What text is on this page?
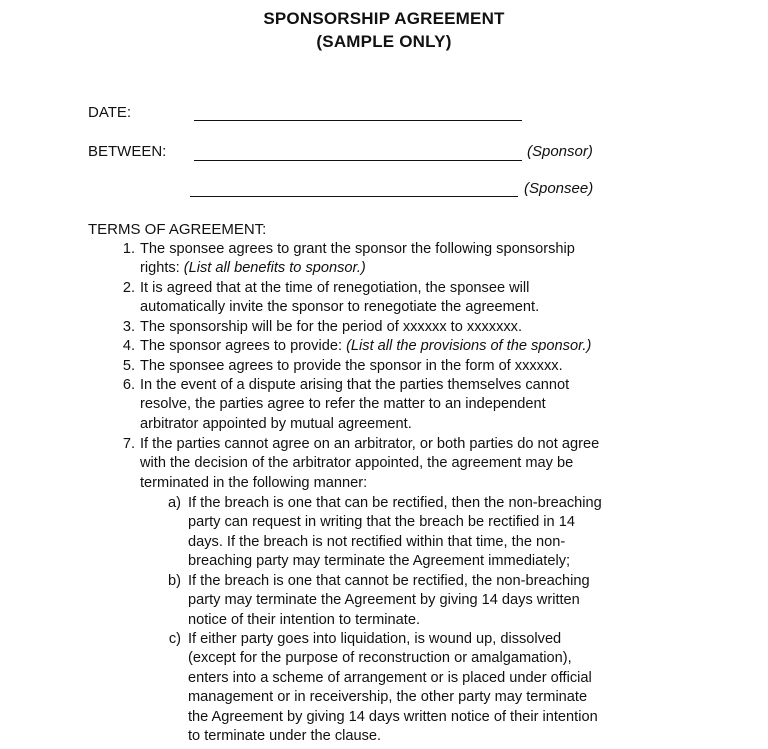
SPONSORSHIP AGREEMENT
(SAMPLE ONLY)
DATE:
BETWEEN:	(Sponsor)
(Sponsee)
TERMS OF AGREEMENT:
1. The sponsee agrees to grant the sponsor the following sponsorship
rights: (List all benefits to sponsor.)
2. It is agreed that at the time of renegotiation, the sponsee will
automatically invite the sponsor to renegotiate the agreement.
3. The sponsorship will be for the period of xxxxxx to xxxxxxx.
4. The sponsor agrees to provide: (List all the provisions of the sponsor.)
5. The sponsee agrees to provide the sponsor in the form of xxxxxx.
6. In the event of a dispute arising that the parties themselves cannot
resolve, the parties agree to refer the matter to an independent
arbitrator appointed by mutual agreement.
7. If the parties cannot agree on an arbitrator, or both parties do not agree
with the decision of the arbitrator appointed, the agreement may be
terminated in the following manner:
a) If the breach is one that can be rectified, then the non-breaching
party can request in writing that the breach be rectified in 14
days. If the breach is not rectified within that time, the non-
breaching party may terminate the Agreement immediately;
b) If the breach is one that cannot be rectified, the non-breaching
party may terminate the Agreement by giving 14 days written
notice of their intention to terminate.
c) If either party goes into liquidation, is wound up, dissolved
(except for the purpose of reconstruction or amalgamation),
enters into a scheme of arrangement or is placed under official
management or in receivership, the other party may terminate
the Agreement by giving 14 days written notice of their intention
to terminate under the clause.
